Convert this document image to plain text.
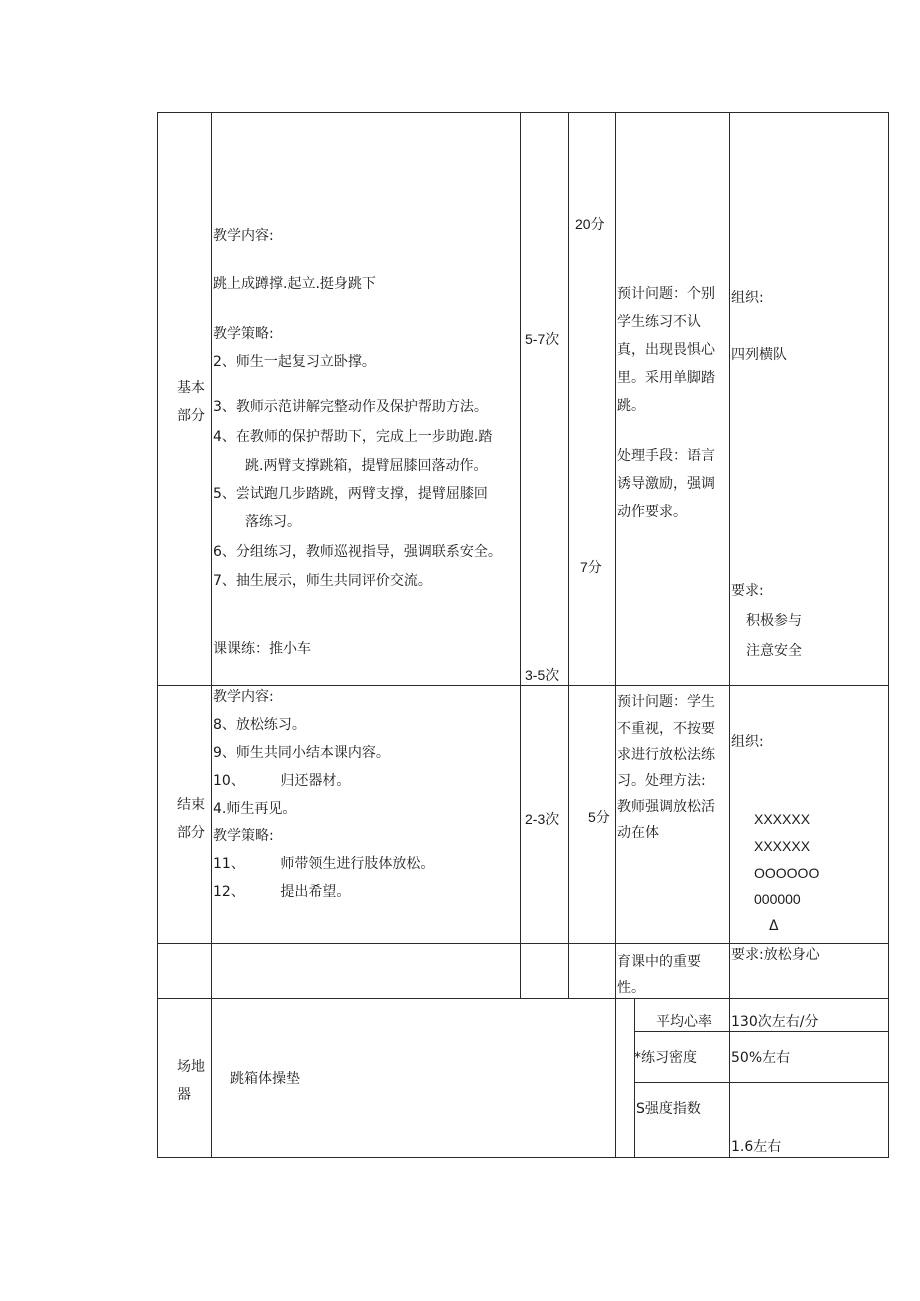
基本
部分
教学内容:
跳上成蹲撑.起立.挺身跳下
教学策略:
2、师生一起复习立卧撑。
3、教师示范讲解完整动作及保护帮助方法。
4、在教师的保护帮助下，完成上一步助跑.踏
跳.两臂支撑跳箱，提臂屈膝回落动作。
5、尝试跑几步踏跳，两臂支撑，提臂屈膝回
落练习。
6、分组练习，教师巡视指导，强调联系安全。
7、抽生展示，师生共同评价交流。
课课练：推小车
5-7次
3-5次
20分
7分
预计问题：个别
学生练习不认
真，出现畏惧心
里。采用单脚踏
跳。
处理手段：语言
诱导激励，强调
动作要求。
组织:
四列横队
要求:
积极参与
注意安全
结束
部分
教学内容:
8、放松练习。
9、师生共同小结本课内容。
10、        归还器材。
4.师生再见。
教学策略:
11、        师带领生进行肢体放松。
12、        提出希望。
2-3次 5分
预计问题：学生
不重视，不按要
求进行放松法练
习。处理方法:
教师强调放松活
动在体
组织:
XXXXXX
XXXXXX
OOOOOO
000000
Δ
育课中的重要
性。
要求:放松身心
场地
器
跳箱体操垫
平均心率 130次左右/分
*练习密度 50%左右
S强度指数
1.6左右
